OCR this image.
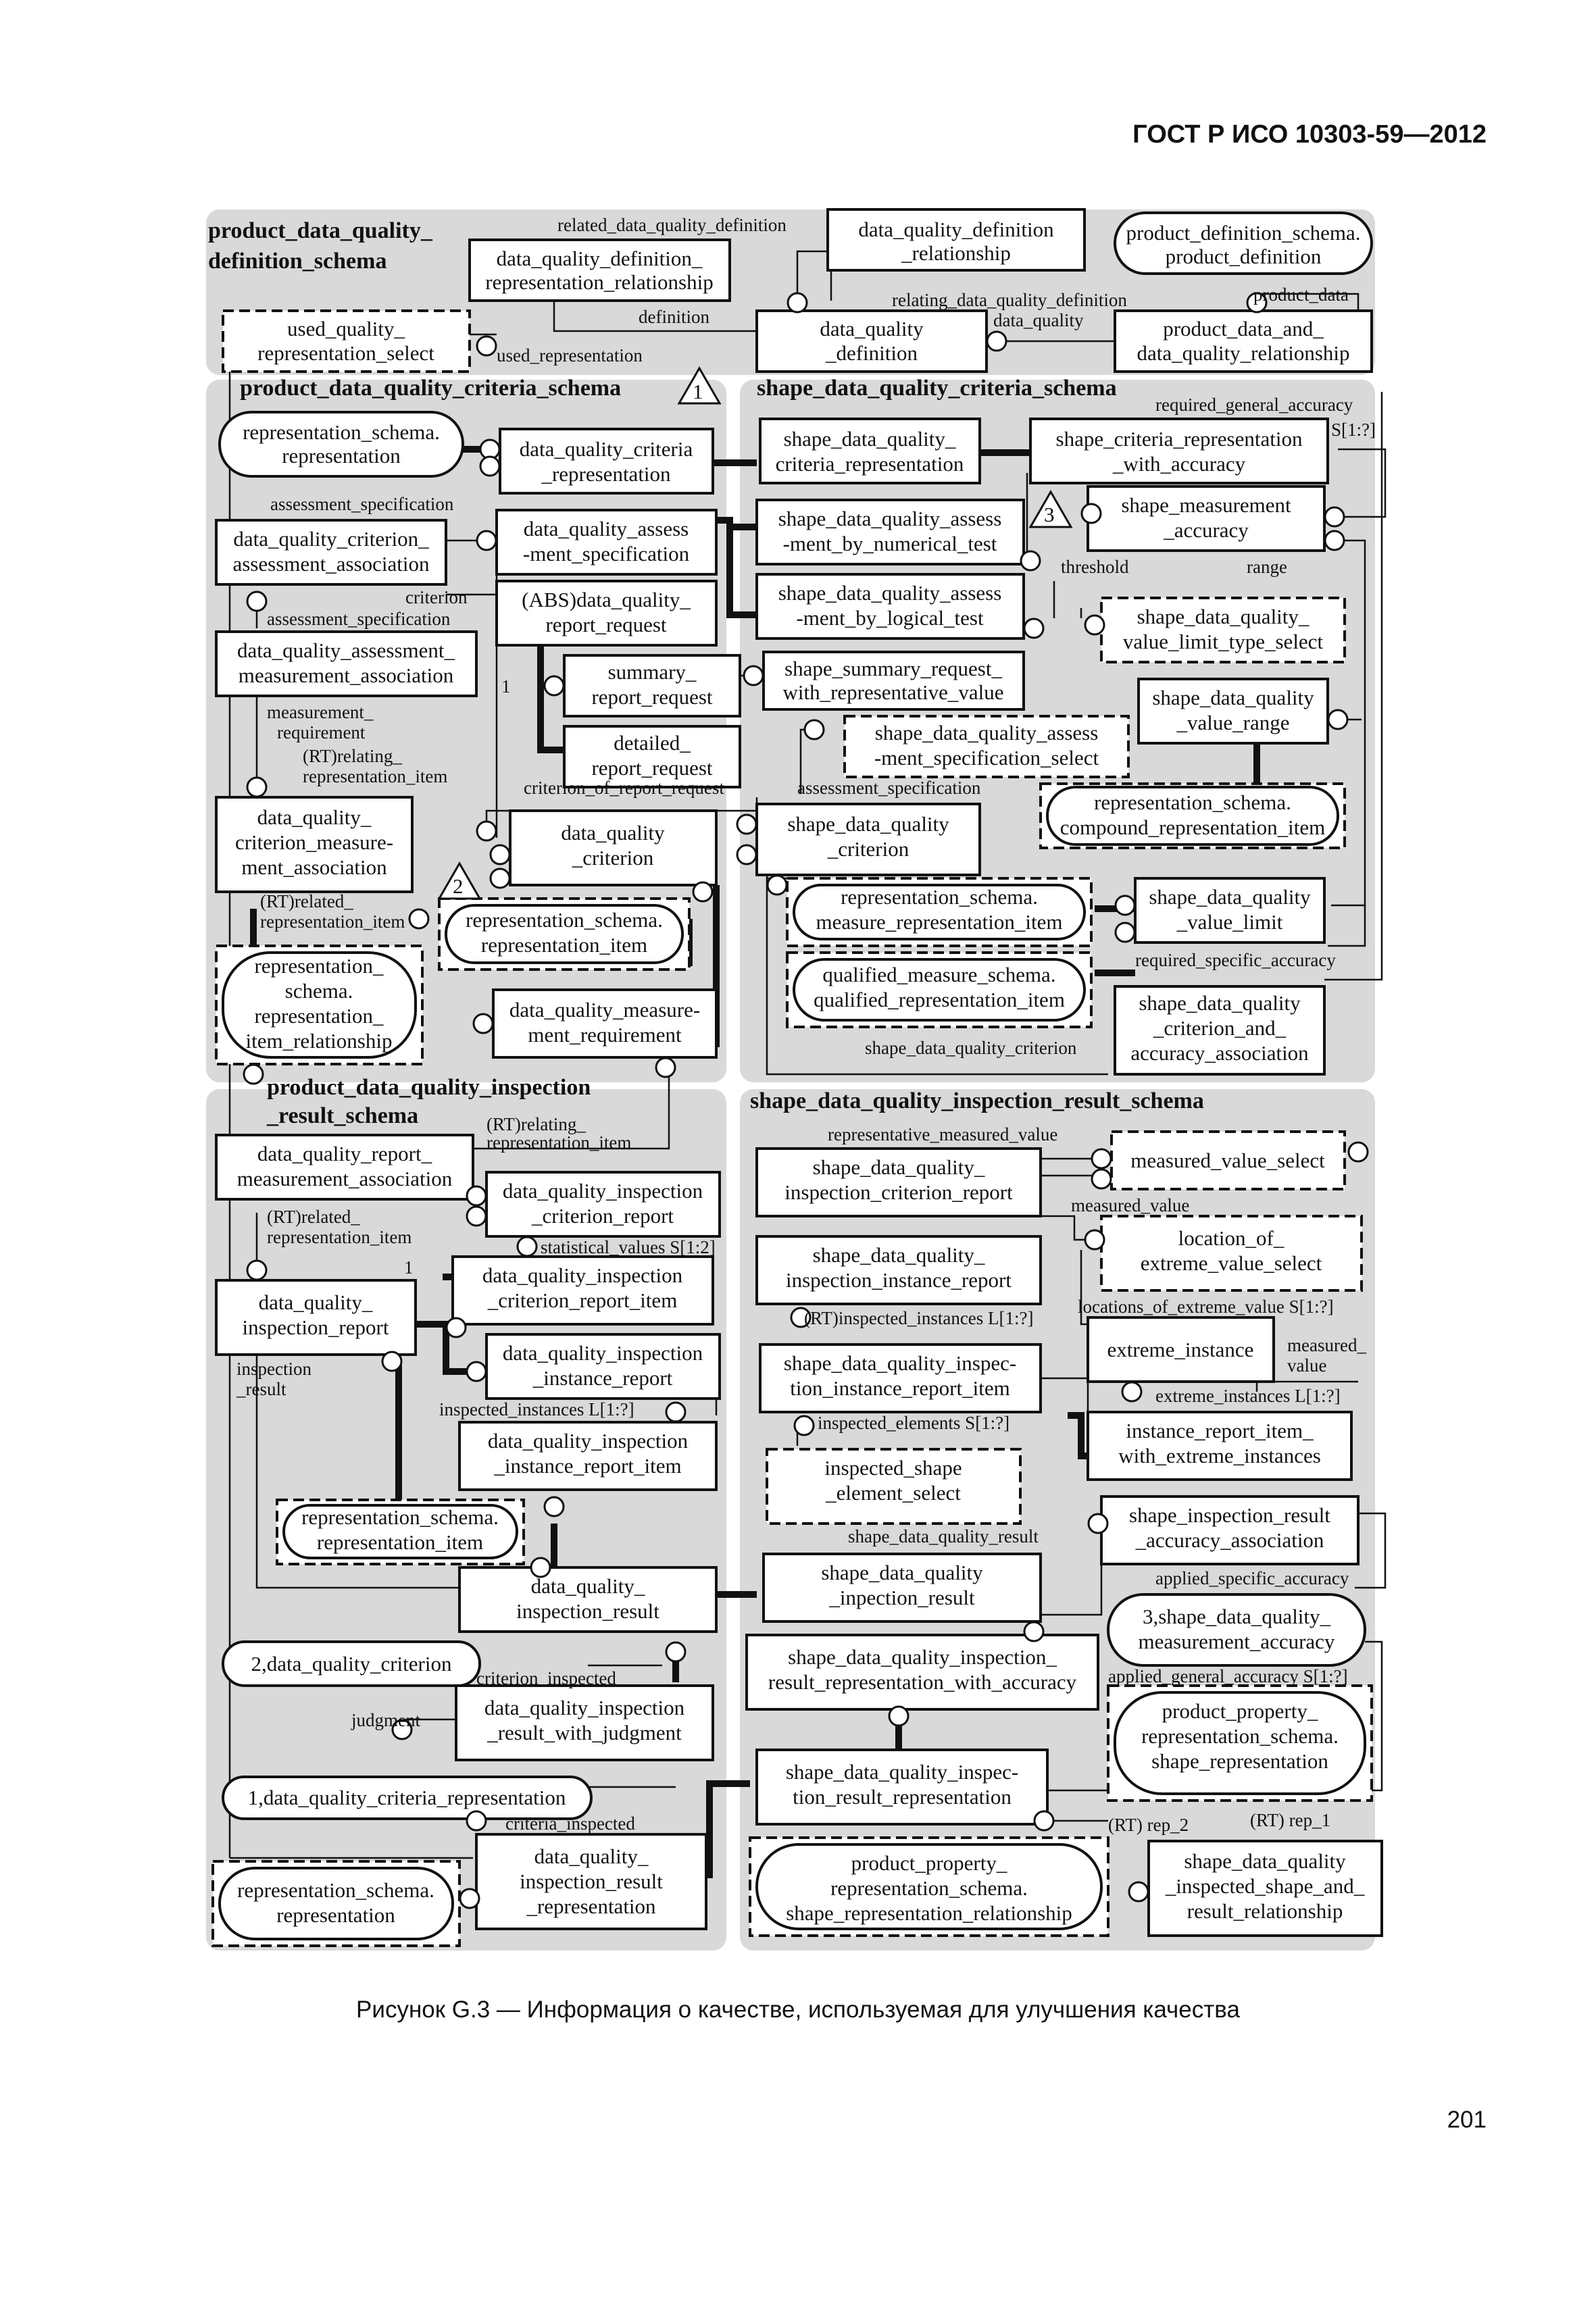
ГОСТ Р ИСО 10303-59—2012
product_data_quality_
definition_schema
product_data_quality_criteria_schema	shape_data_quality_criteria_schema
product_data_quality_inspection
_result_schema
shape_data_quality_inspection_result_schema
1
2
3
data_quality_definition
_relationship
product_definition_schema.
product_definition
data_quality_definition_
representation_relationship
used_quality_
representation_select
data_quality
_definition
product_data_and_
data_quality_relationship
representation_schema.
representation	data_quality_criteria
_representation
shape_data_quality_
criteria_representation
shape_criteria_representation
_with_accuracy
data_quality_criterion_
assessment_association
data_quality_assess
-ment_specification
shape_data_quality_assess
-ment_by_numerical_test
shape_measurement
_accuracy
(ABS)data_quality_
report_request
shape_data_quality_assess
-ment_by_logical_test	shape_data_quality_
value_limit_type_select
data_quality_assessment_
measurement_association	summary_
report_request
shape_summary_request_
with_representative_value	shape_data_quality
_value_range
detailed_
report_request
shape_data_quality_assess
-ment_specification_select
data_quality_
criterion_measure-
ment_association
data_quality
_criterion
shape_data_quality
_criterion
representation_schema.
compound_representation_item
representation_schema.
representation_item
representation_schema.
measure_representation_item
shape_data_quality
_value_limit
representation_
schema.
representation_
item_relationship
qualified_measure_schema.
qualified_representation_item
data_quality_measure-
ment_requirement
shape_data_quality
_criterion_and_
accuracy_association
data_quality_report_
measurement_association
data_quality_inspection
_criterion_report
shape_data_quality_
inspection_criterion_report
measured_value_select
data_quality_inspection
_criterion_report_item
shape_data_quality_
inspection_instance_report
location_of_
extreme_value_select
data_quality_
inspection_report
data_quality_inspection
_instance_report
shape_data_quality_inspec-
tion_instance_report_item
extreme_instance
data_quality_inspection
_instance_report_item
instance_report_item_
with_extreme_instances
inspected_shape
_element_select
representation_schema.
representation_item
shape_inspection_result
_accuracy_association
data_quality_
inspection_result
shape_data_quality
_inpection_result
3,shape_data_quality_
measurement_accuracy
2,data_quality_criterion	shape_data_quality_inspection_
result_representation_with_accuracy
data_quality_inspection
_result_with_judgment
product_property_
representation_schema.
shape_representation
1,data_quality_criteria_representation
shape_data_quality_inspec-
tion_result_representation
data_quality_
inspection_result
_representation
representation_schema.
representation
product_property_
representation_schema.
shape_representation_relationship
shape_data_quality
_inspected_shape_and_
result_relationship
related_data_quality_definition
relating_data_quality_definition	product_data
definition	data_quality
used_representation
required_general_accuracy
S[1:?]
assessment_specification
threshold	range
criterion
assessment_specification
1
measurement_
requirement
(RT)relating_
representation_item
criterion_of_report_request	assessment_specification
(RT)related_
representation_item
required_specific_accuracy
shape_data_quality_criterion
(RT)relating_
representation_item	representative_measured_value
(RT)related_
representation_item
measured_value
statistical_values S[1:2]
1
(RT)inspected_instances L[1:?]
locations_of_extreme_value S[1:?]
inspection
_result
measured_
value
extreme_instances L[1:?]
inspected_instances L[1:?]
inspected_elements S[1:?]
shape_data_quality_result
applied_specific_accuracy
criterion_inspected	applied_general_accuracy S[1:?]
judgment
criteria_inspected	(RT) rep_2	(RT) rep_1
Рисунок G.3 — Информация о качестве, используемая для улучшения качества
201
